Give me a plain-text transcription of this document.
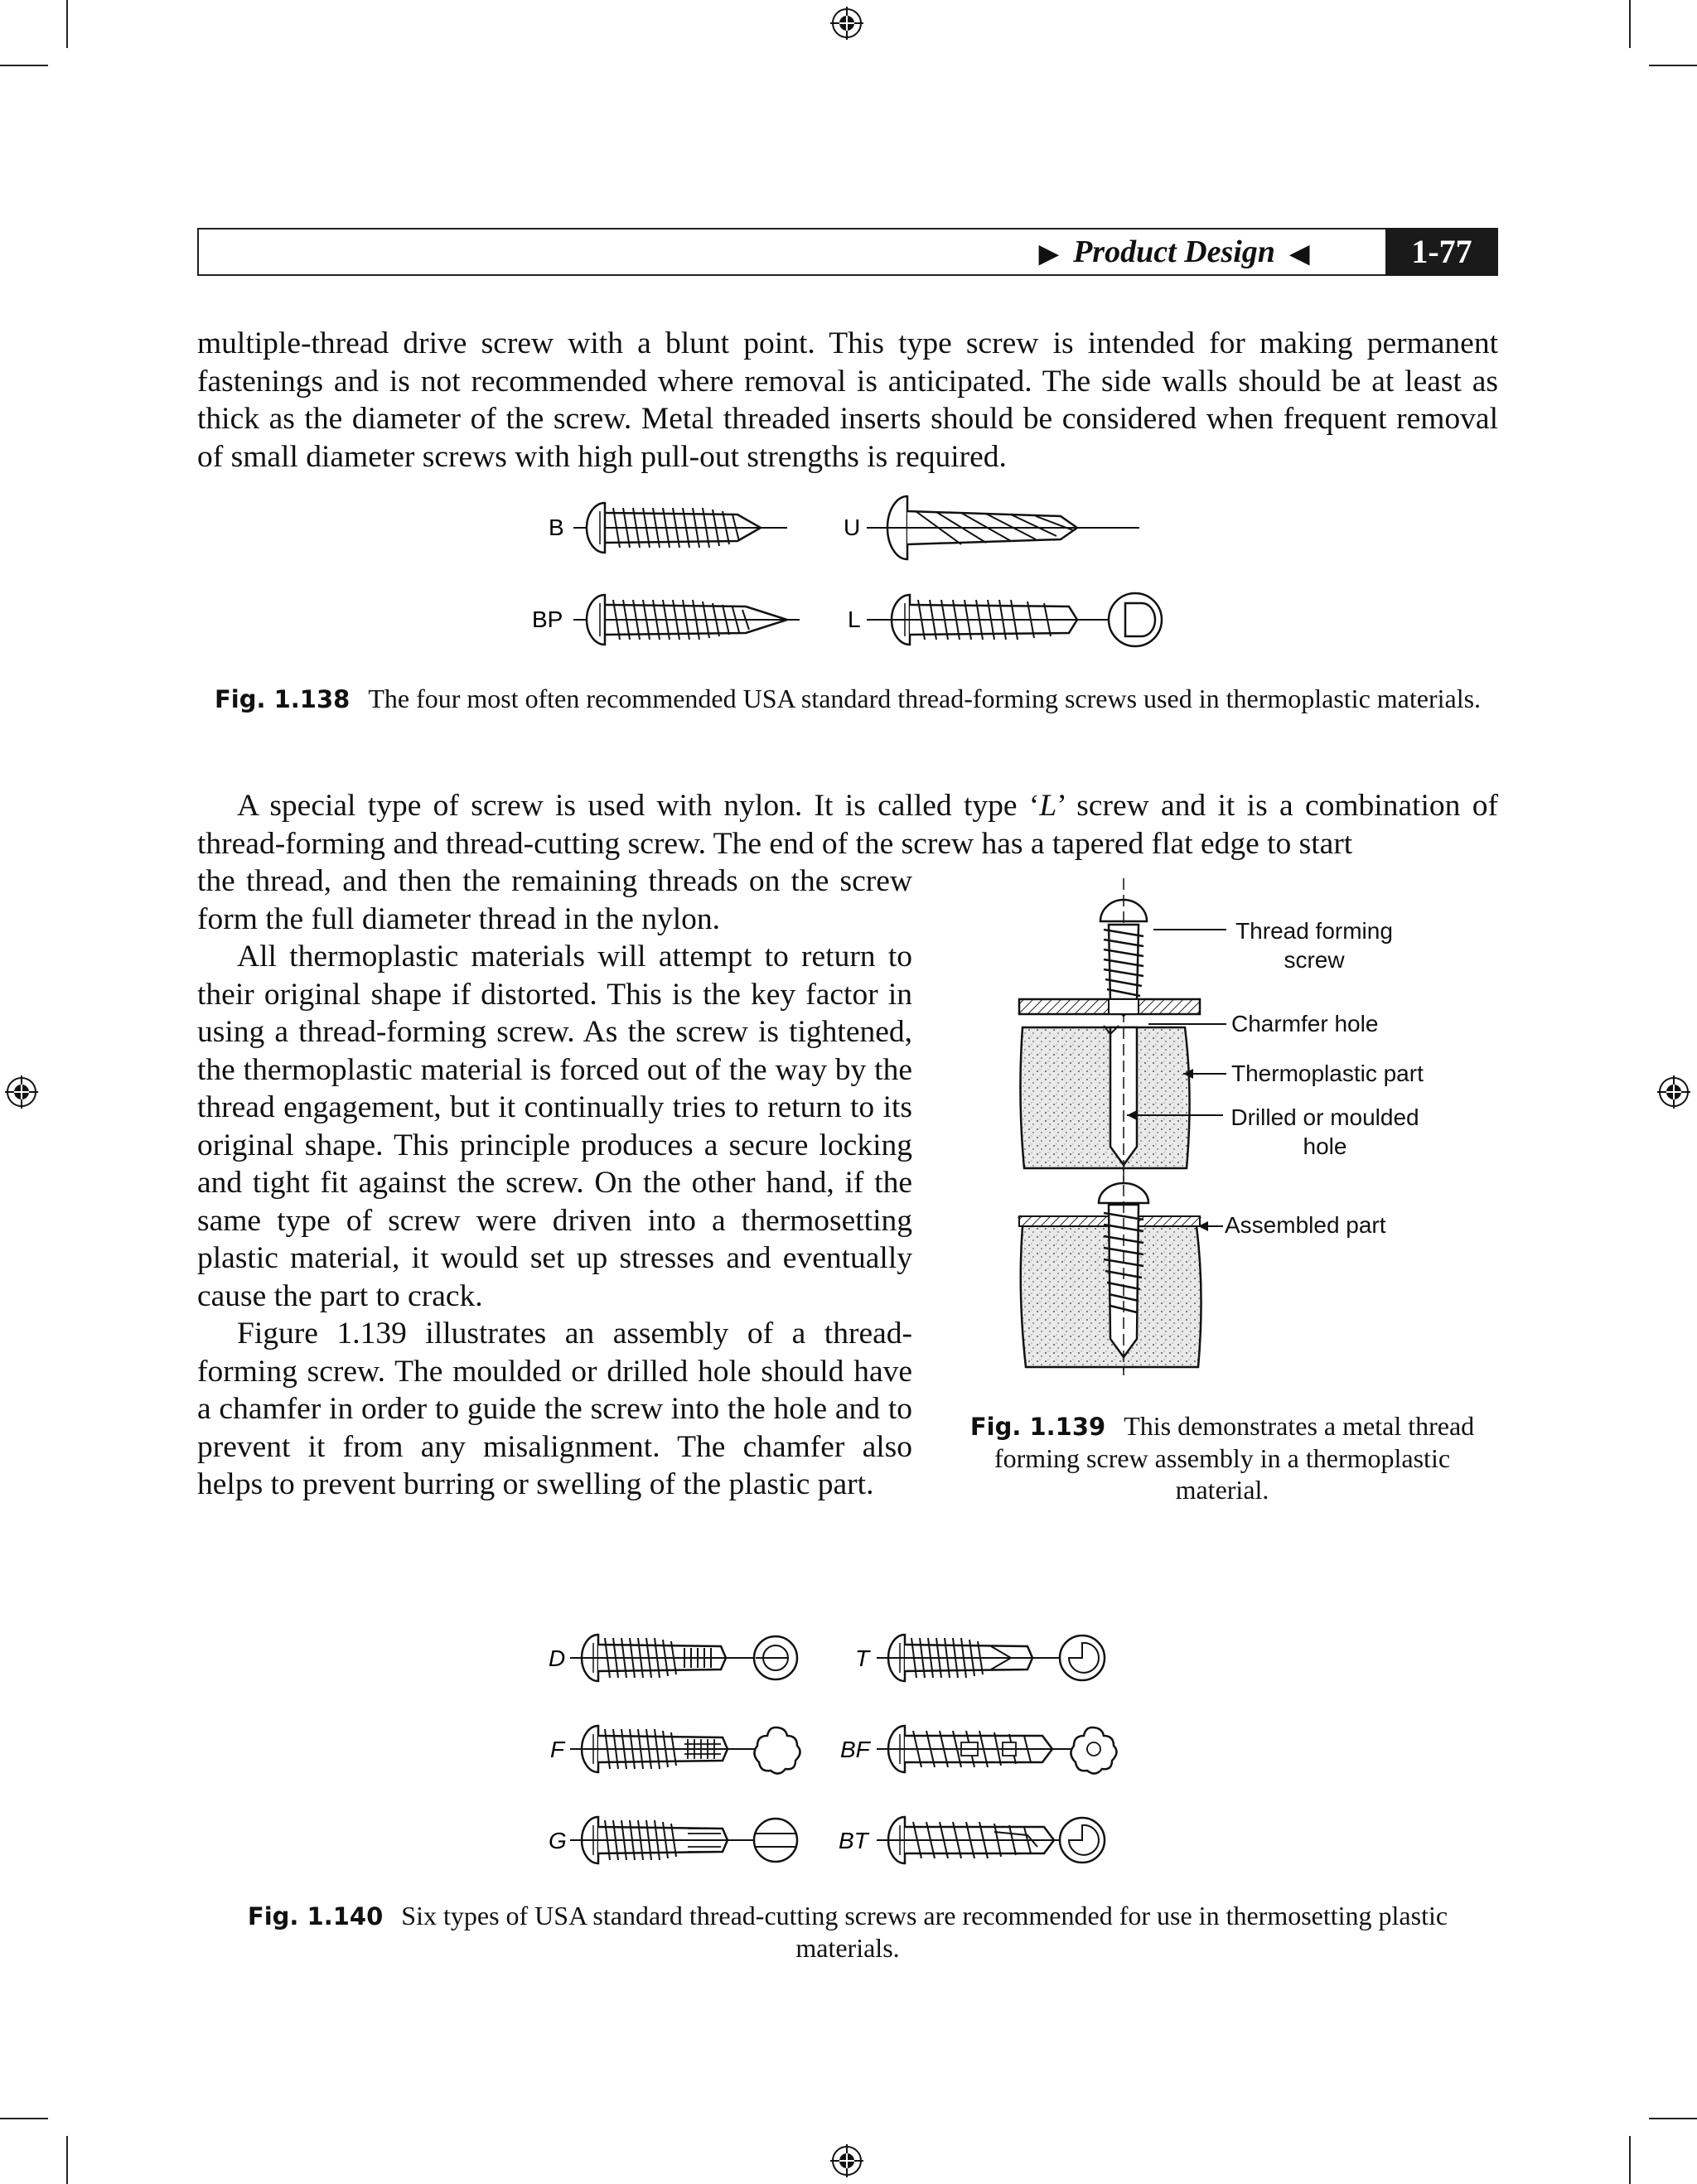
▶ Product Design ◀	1-77
multiple-thread drive screw with a blunt point. This type screw is intended for making permanent fastenings and is not recommended where removal is anticipated. The side walls should be at least as thick as the diameter of the screw. Metal threaded inserts should be considered when frequent removal of small diameter screws with high pull-out strengths is required.
B	U
BP	L
Fig. 1.138 The four most often recommended USA standard thread-forming screws used in thermoplastic materials.
A special type of screw is used with nylon. It is called type ‘L’ screw and it is a combination of thread-forming and thread-cutting screw. The end of the screw has a tapered flat edge to start

the thread, and then the remaining threads on the screw form the full diameter thread in the nylon.

All thermoplastic materials will attempt to return to their original shape if distorted. This is the key factor in using a thread-forming screw. As the screw is tightened, the thermoplastic material is forced out of the way by the thread engagement, but it continually tries to return to its original shape. This principle produces a secure locking and tight fit against the screw. On the other hand, if the same type of screw were driven into a thermosetting plastic material, it would set up stresses and eventually cause the part to crack.

Figure 1.139 illustrates an assembly of a thread-forming screw. The moulded or drilled hole should have a chamfer in order to guide the screw into the hole and to prevent it from any misalignment. The chamfer also helps to prevent burring or swelling of the plastic part.

Thread forming
screw
Charmfer hole
Thermoplastic part
Drilled or moulded
hole
Assembled part
Fig. 1.139 This demonstrates a metal thread forming screw assembly in a thermoplastic material.
D	T
F	BF
G	BT
Fig. 1.140 Six types of USA standard thread-cutting screws are recommended for use in thermosetting plastic materials.
